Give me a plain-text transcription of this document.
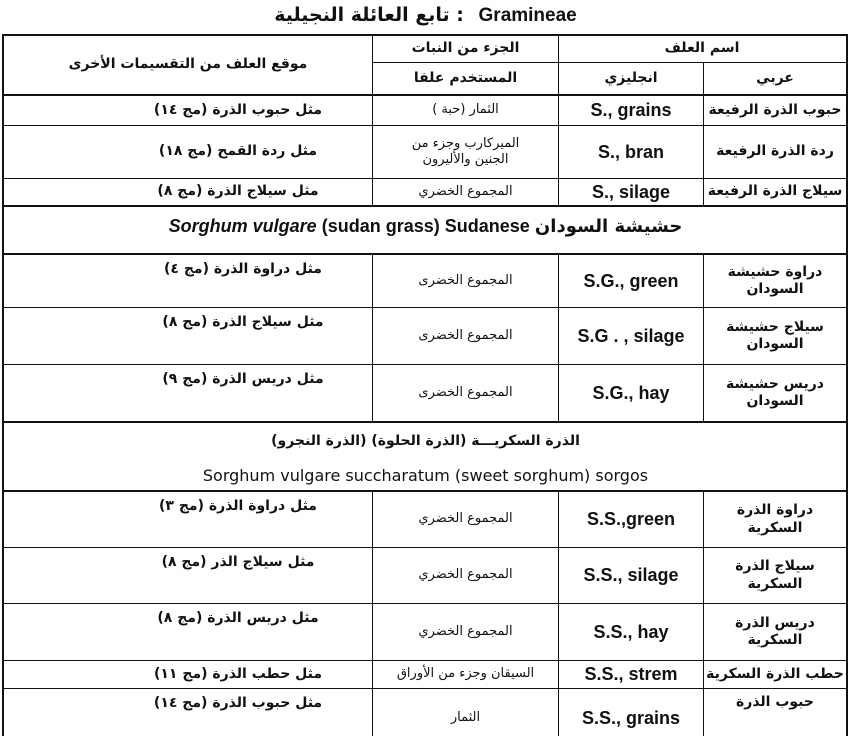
تابع العائلة النجيلية : Gramineae
اسم العلف
عربي
انجليزي
الجزء من النبات
المستخدم علفا
موقع العلف من التقسيمات الأخرى
حبوب الذرة الرفيعة
S., grains
الثمار (حبة )
مثل حبوب الذرة (مج ١٤)
ردة الذرة الرفيعة
S., bran
الميركارب وجزء من الجنين والأليرون
مثل ردة القمح (مج ١٨)
سيلاج الذرة الرفيعة
S., silage
المجموع الخضري
مثل سيلاج الذرة (مج ٨)
Sorghum vulgare (sudan grass) Sudanese حشيشة السودان
دراوة حشيشة السودان
S.G., green
المجموع الخضرى
مثل دراوة الذرة (مج ٤)
سيلاج حشيشة السودان
S.G . , silage
المجموع الخضرى
مثل سيلاج الذرة (مج ٨)
دريس حشيشة السودان
S.G., hay
المجموع الخضرى
مثل دريس الذرة (مج ٩)
الذرة السكريـــة (الذرة الحلوة) (الذرة النجرو)
Sorghum vulgare succharatum (sweet sorghum) sorgos
دراوة الذرة السكرية
S.S.,green
المجموع الخضري
مثل دراوة الذرة (مج ٣)
سيلاج الذرة السكرية
S.S., silage
المجموع الخضري
مثل سيلاج الذر (مج ٨)
دريس الذرة السكرية
S.S., hay
المجموع الخضري
مثل دريس الذرة (مج ٨)
حطب الذرة السكرية
S.S., strem
السيقان وجزء من الأوراق
مثل حطب الذرة (مج ١١)
حبوب الذرة
S.S., grains
الثمار
مثل حبوب الذرة (مج ١٤)
